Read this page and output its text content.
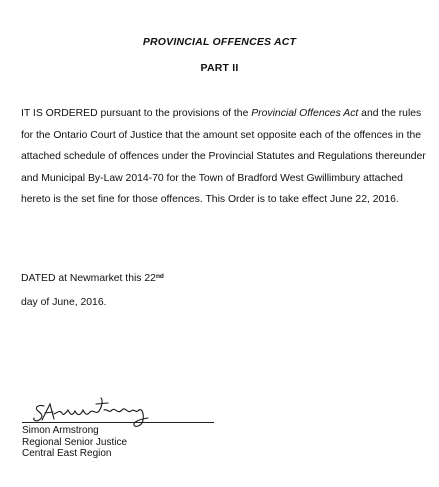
PROVINCIAL OFFENCES ACT
PART II

IT IS ORDERED pursuant to the provisions of the Provincial Offences Act and the rules for the Ontario Court of Justice that the amount set opposite each of the offences in the attached schedule of offences under the Provincial Statutes and Regulations thereunder and Municipal By-Law 2014-70 for the Town of Bradford West Gwillimbury attached hereto is the set fine for those offences. This Order is to take effect June 22, 2016.

DATED at Newmarket this 22nd
day of June, 2016.
Simon Armstrong
Regional Senior Justice
Central East Region
